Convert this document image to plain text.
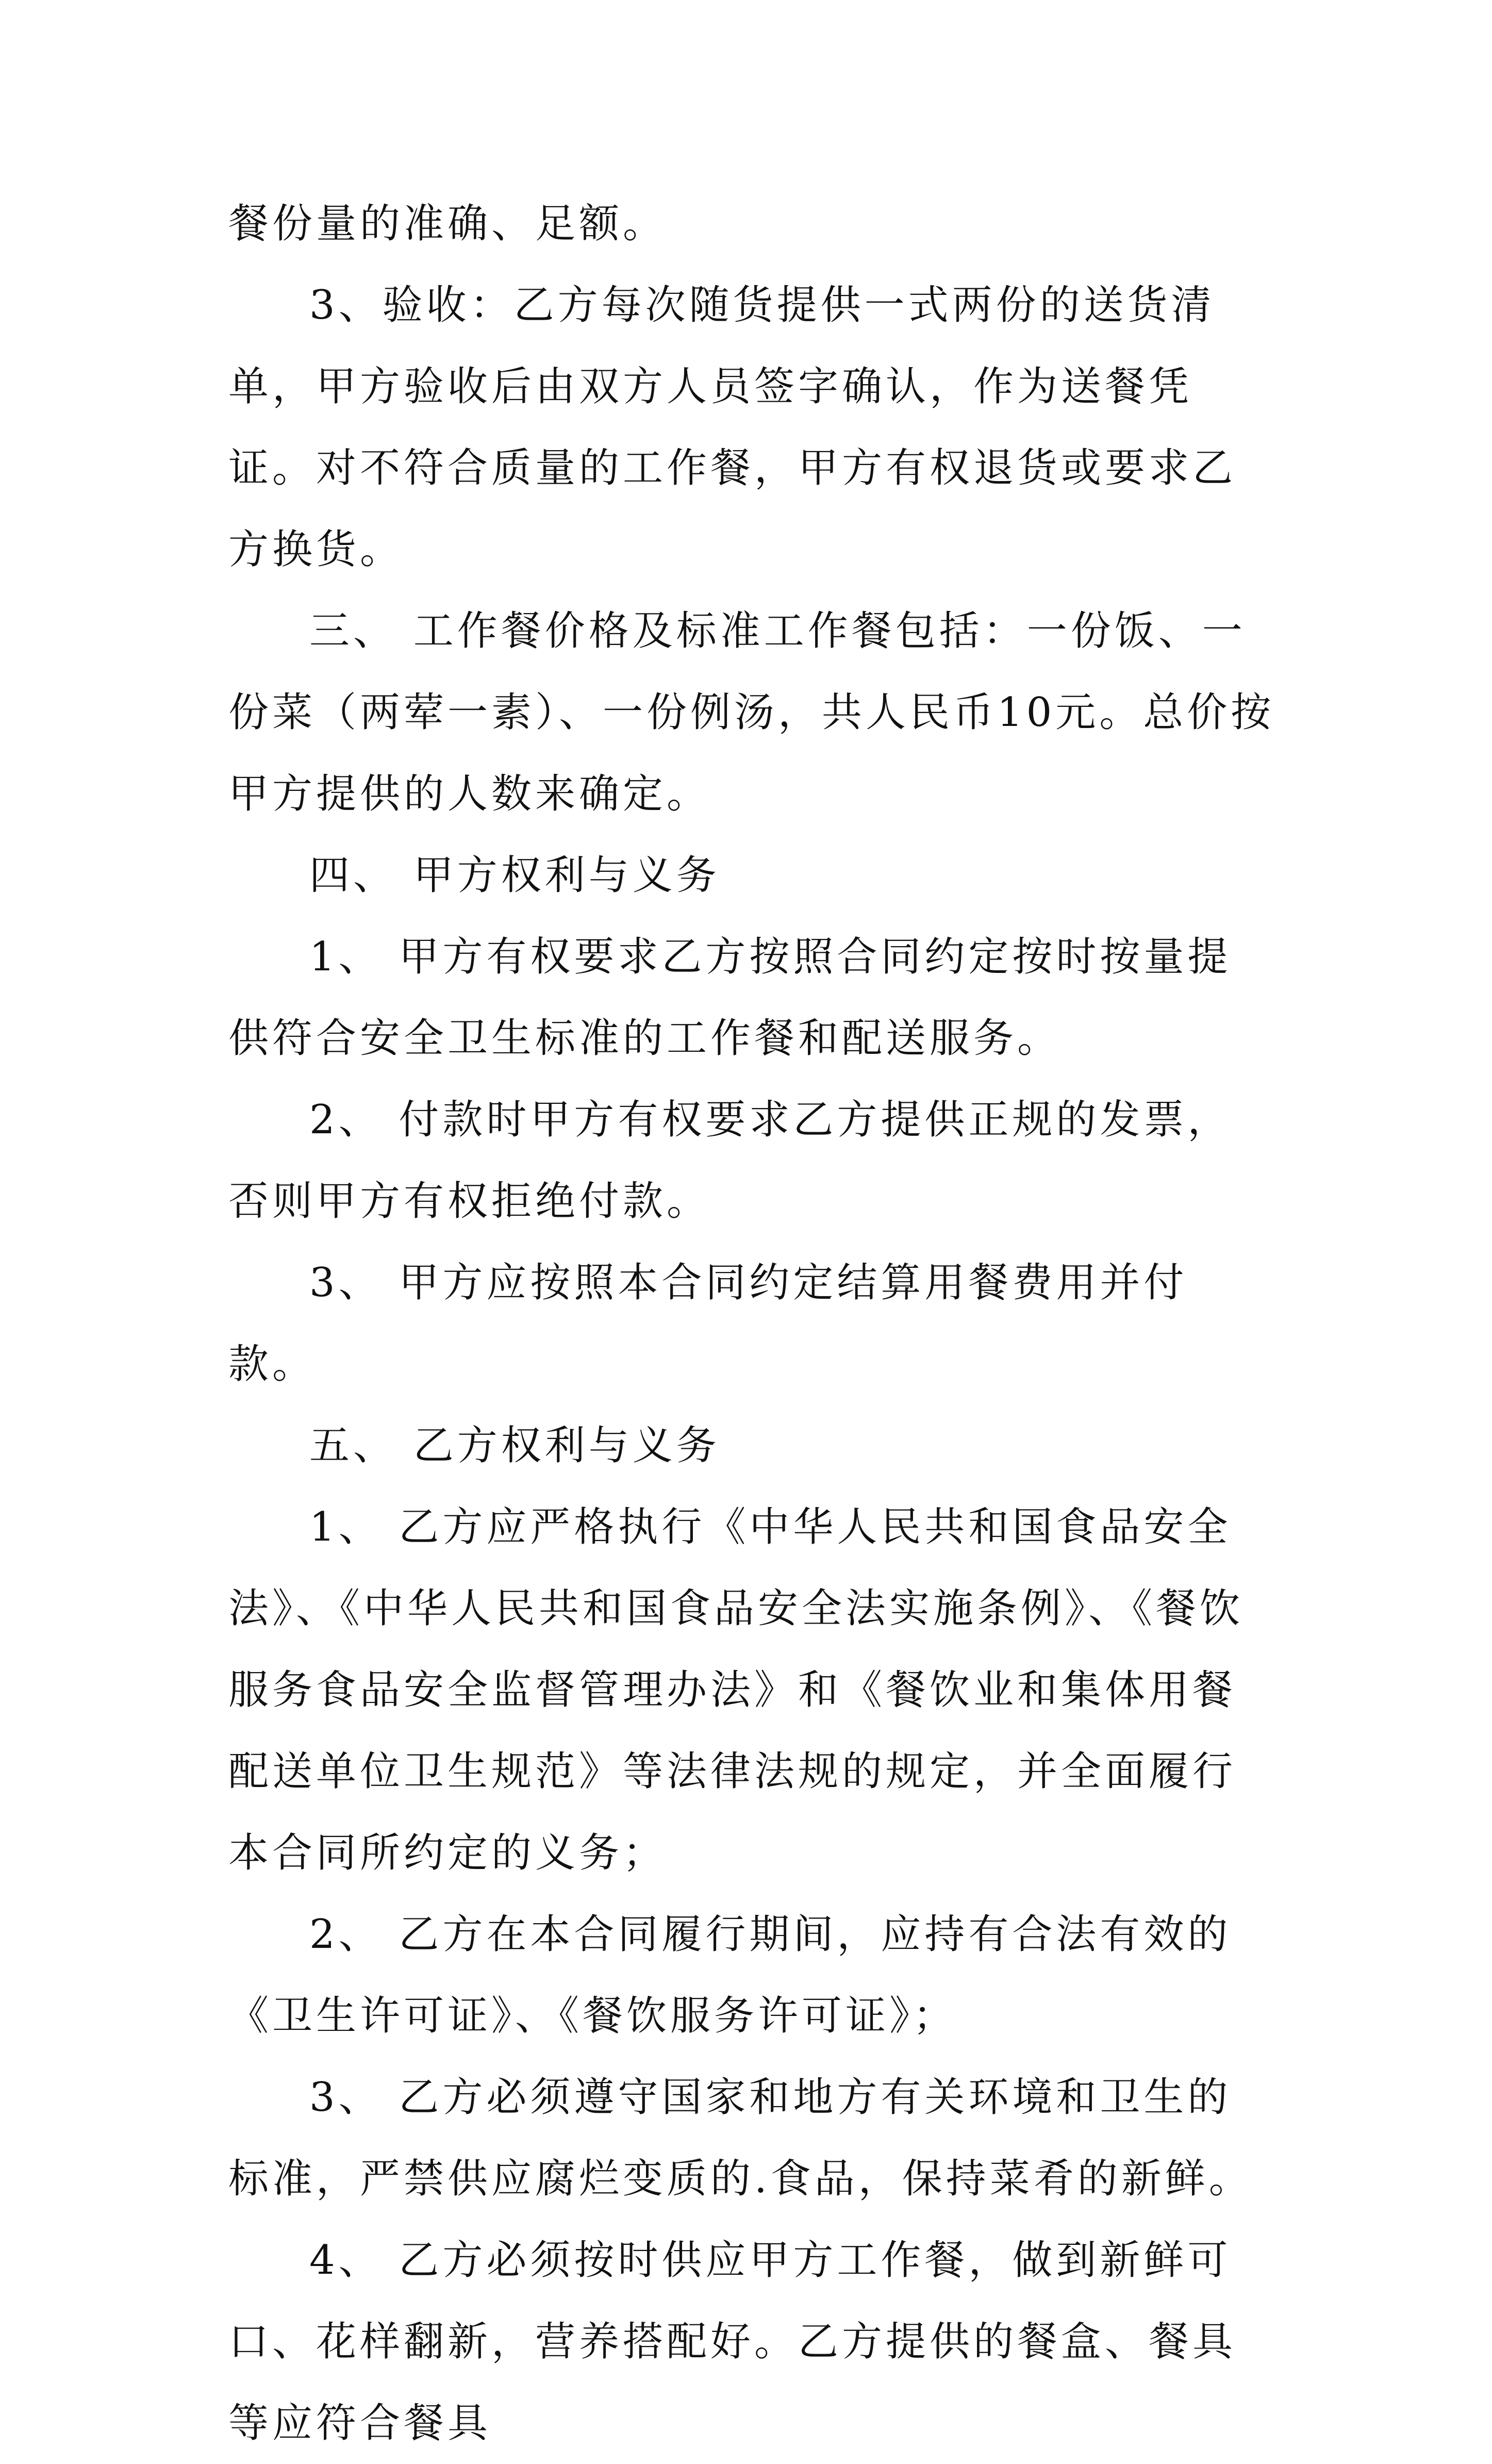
餐份量的准确、足额。

3、验收：乙方每次随货提供一式两份的送货清单，甲方验收后由双方人员签字确认，作为送餐凭证。对不符合质量的工作餐，甲方有权退货或要求乙方换货。

三、 工作餐价格及标准工作餐包括：一份饭、一份菜（两荤一素）、一份例汤，共人民币10元。总价按甲方提供的人数来确定。

四、 甲方权利与义务

1、 甲方有权要求乙方按照合同约定按时按量提供符合安全卫生标准的工作餐和配送服务。

2、 付款时甲方有权要求乙方提供正规的发票，否则甲方有权拒绝付款。

3、 甲方应按照本合同约定结算用餐费用并付款。

五、 乙方权利与义务

1、 乙方应严格执行《中华人民共和国食品安全法》、《中华人民共和国食品安全法实施条例》、《餐饮服务食品安全监督管理办法》和《餐饮业和集体用餐配送单位卫生规范》等法律法规的规定，并全面履行本合同所约定的义务；

2、 乙方在本合同履行期间，应持有合法有效的《卫生许可证》、《餐饮服务许可证》；

3、 乙方必须遵守国家和地方有关环境和卫生的标准，严禁供应腐烂变质的.食品，保持菜肴的新鲜。

4、 乙方必须按时供应甲方工作餐，做到新鲜可口、花样翻新，营养搭配好。乙方提供的餐盒、餐具等应符合餐具
